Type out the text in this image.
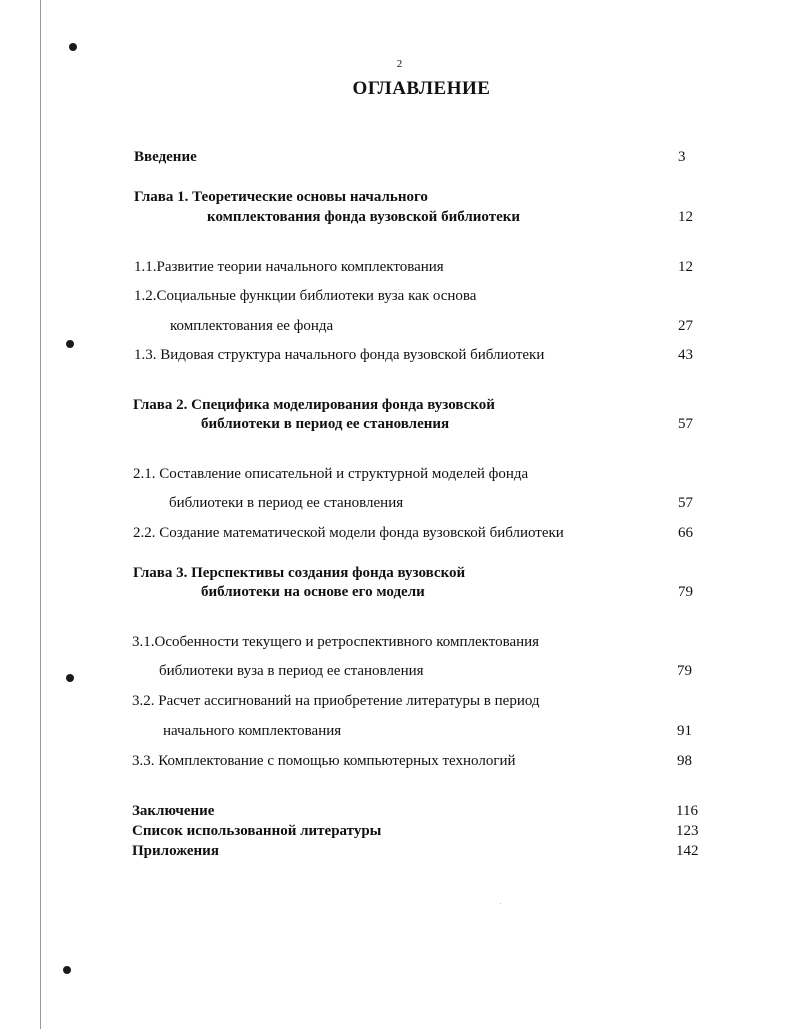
2
ОГЛАВЛЕНИЕ
Введение	3
Глава 1. Теоретические основы начального
комплектования фонда вузовской библиотеки	12
1.1.Развитие теории начального комплектования	12
1.2.Социальные функции библиотеки вуза как основа
комплектования ее фонда	27
1.3. Видовая структура начального фонда вузовской библиотеки	43
Глава 2. Специфика моделирования фонда вузовской
библиотеки в период ее становления	57
2.1. Составление описательной и структурной моделей фонда
библиотеки в период ее становления	57
2.2. Создание математической модели фонда вузовской библиотеки	66
Глава 3. Перспективы создания фонда вузовской
библиотеки на основе его модели	79
3.1.Особенности текущего и ретроспективного комплектования
библиотеки вуза в период ее становления	79
3.2. Расчет ассигнований на приобретение литературы в период
начального комплектования	91
3.3. Комплектование с помощью компьютерных технологий	98
Заключение	116
Список использованной литературы	123
Приложения	142
